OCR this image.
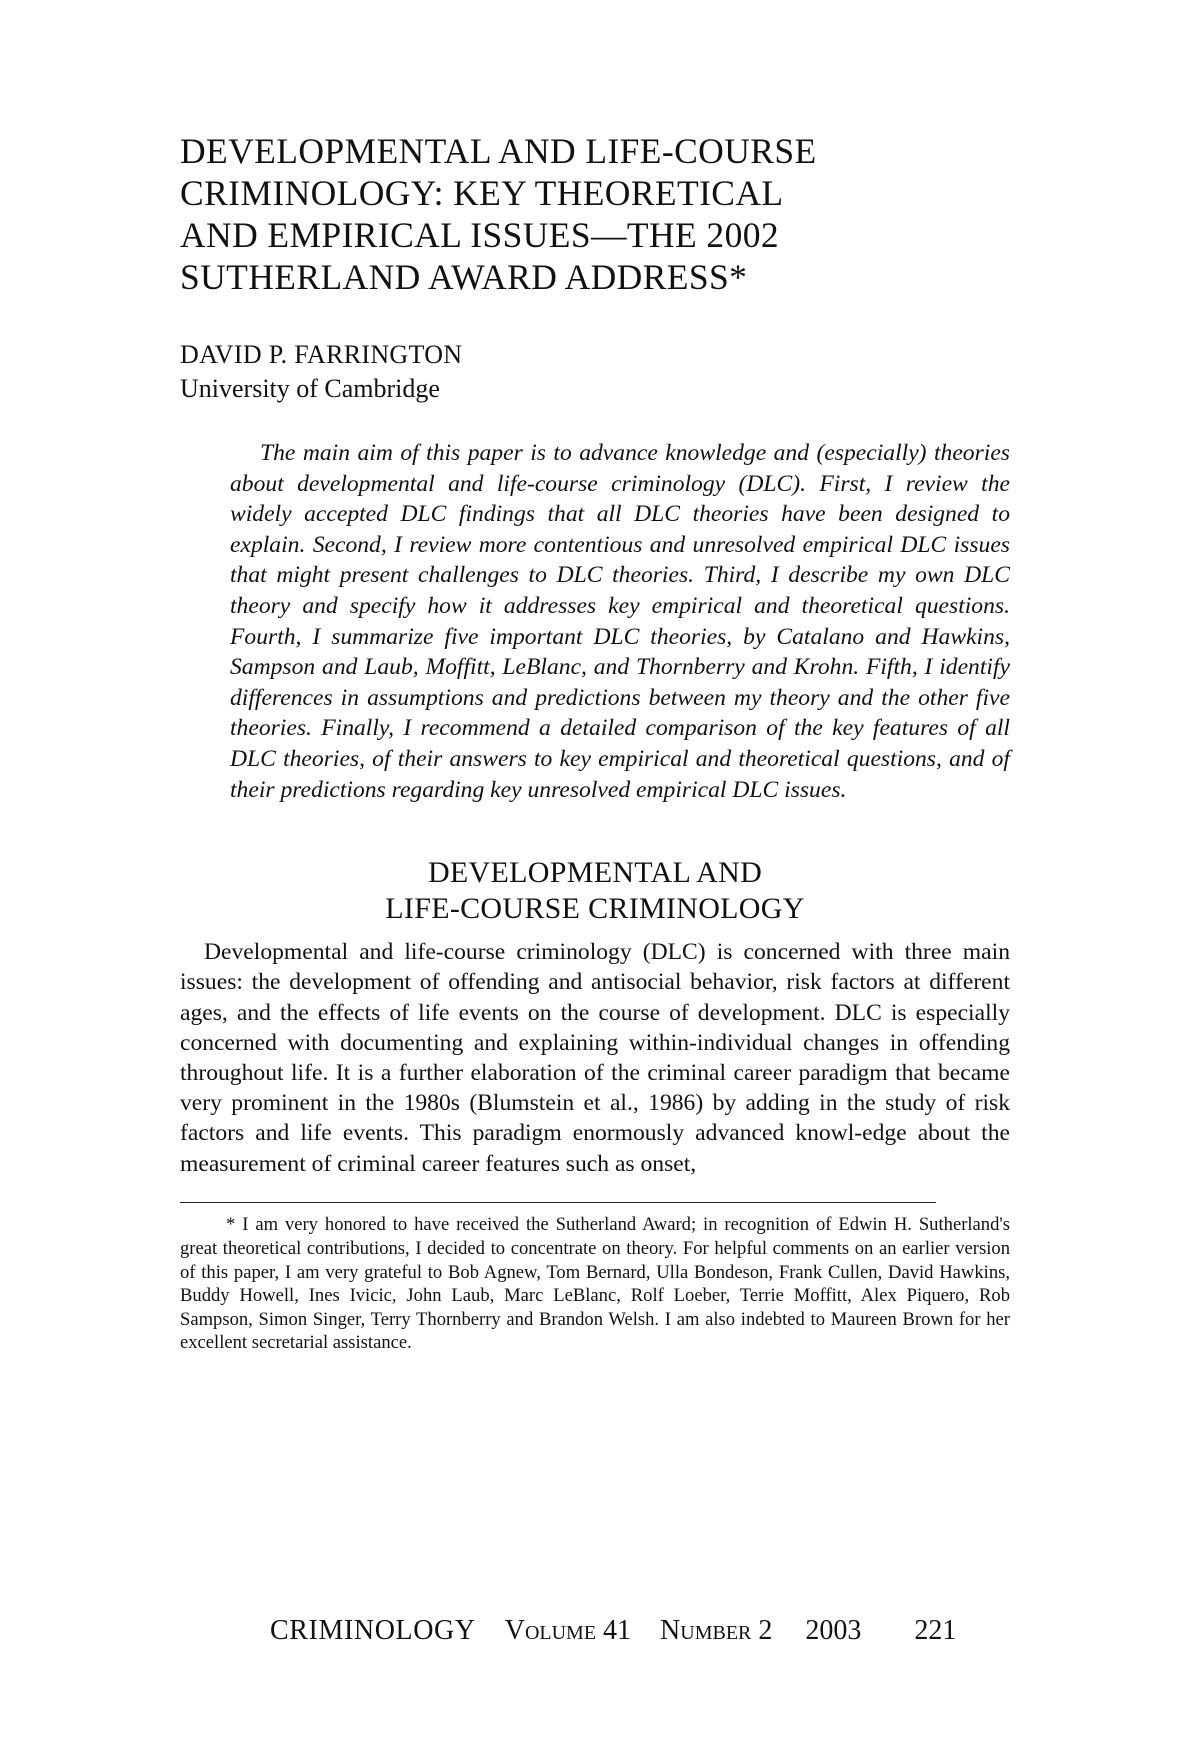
DEVELOPMENTAL AND LIFE-COURSE
CRIMINOLOGY: KEY THEORETICAL
AND EMPIRICAL ISSUES—THE 2002
SUTHERLAND AWARD ADDRESS*
DAVID P. FARRINGTON
University of Cambridge

The main aim of this paper is to advance knowledge and (especially) theories about developmental and life-course criminology (DLC). First, I review the widely accepted DLC findings that all DLC theories have been designed to explain. Second, I review more contentious and unresolved empirical DLC issues that might present challenges to DLC theories. Third, I describe my own DLC theory and specify how it addresses key empirical and theoretical questions. Fourth, I summarize five important DLC theories, by Catalano and Hawkins, Sampson and Laub, Moffitt, LeBlanc, and Thornberry and Krohn. Fifth, I identify differences in assumptions and predictions between my theory and the other five theories. Finally, I recommend a detailed comparison of the key features of all DLC theories, of their answers to key empirical and theoretical questions, and of their predictions regarding key unresolved empirical DLC issues.

DEVELOPMENTAL AND
LIFE-COURSE CRIMINOLOGY

Developmental and life-course criminology (DLC) is concerned with three main issues: the development of offending and antisocial behavior, risk factors at different ages, and the effects of life events on the course of development. DLC is especially concerned with documenting and explaining within-individual changes in offending throughout life. It is a further elaboration of the criminal career paradigm that became very prominent in the 1980s (Blumstein et al., 1986) by adding in the study of risk factors and life events. This paradigm enormously advanced knowl-edge about the measurement of criminal career features such as onset,

* I am very honored to have received the Sutherland Award; in recognition of Edwin H. Sutherland's great theoretical contributions, I decided to concentrate on theory. For helpful comments on an earlier version of this paper, I am very grateful to Bob Agnew, Tom Bernard, Ulla Bondeson, Frank Cullen, David Hawkins, Buddy Howell, Ines Ivicic, John Laub, Marc LeBlanc, Rolf Loeber, Terrie Moffitt, Alex Piquero, Rob Sampson, Simon Singer, Terry Thornberry and Brandon Welsh. I am also indebted to Maureen Brown for her excellent secretarial assistance.

CRIMINOLOGY Volume 41 Number 2 2003 221
